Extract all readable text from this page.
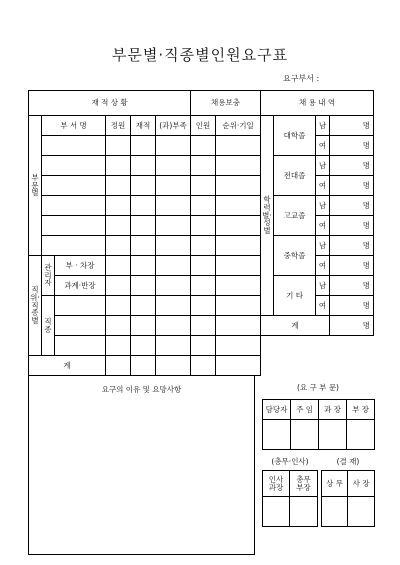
부문별·직종별인원요구표
요구부서 :
재 적 상 황						채용보충	
부문별	부 서 명		정원	재적	(과)부족	인원	순위·기일

직위·직종별	관리자	부 · 차장					
		과계·반장					
	직종						

계							
채 용 내 역			
학력별·성별	대학졸	남	명
		여	명
	전대졸	남	명
		여	명
	고교졸	남	명
		여	명
	중학졸	남	명
		여	명
	기 타	남	명
		여	명
계			명
요구의 이유 및 요망사항	(요 구 부 문)
담당자	주 임	과 장	부 장

(총무·인사)	(결 재)
인사과장	총무부장
	상 무	사 장
